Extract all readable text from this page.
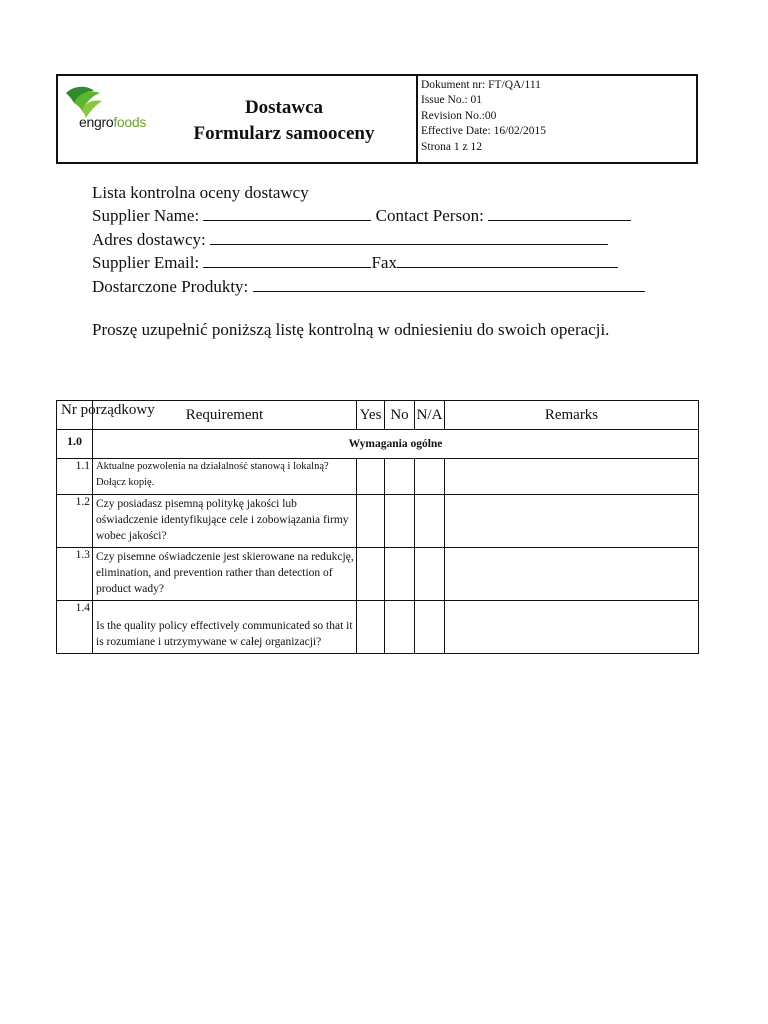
engrofoods
Dostawca
Formularz samooceny
Dokument nr: FT/QA/111
Issue No.: 01
Revision No.:00
Effective Date: 16/02/2015
Strona 1 z 12
Lista kontrolna oceny dostawcy
Supplier Name:	Contact Person:
Adres dostawcy:
Supplier Email:	Fax
Dostarczone Produkty:
Proszę uzupełnić poniższą listę kontrolną w odniesieniu do swoich operacji.
Nr porządkowy	Requirement	Yes	No	N/A	Remarks
1.0	Wymagania ogólne				
1.1	Aktualne pozwolenia na działalność stanową i lokalną? Dołącz kopię.				
1.2	Czy posiadasz pisemną politykę jakości lub oświadczenie identyfikujące cele i zobowiązania firmy wobec jakości?				
1.3	Czy pisemne oświadczenie jest skierowane na redukcję, elimination, and prevention rather than detection of product wady?				
1.4	Is the quality policy effectively communicated so that it is rozumiane i utrzymywane w całej organizacji?				
